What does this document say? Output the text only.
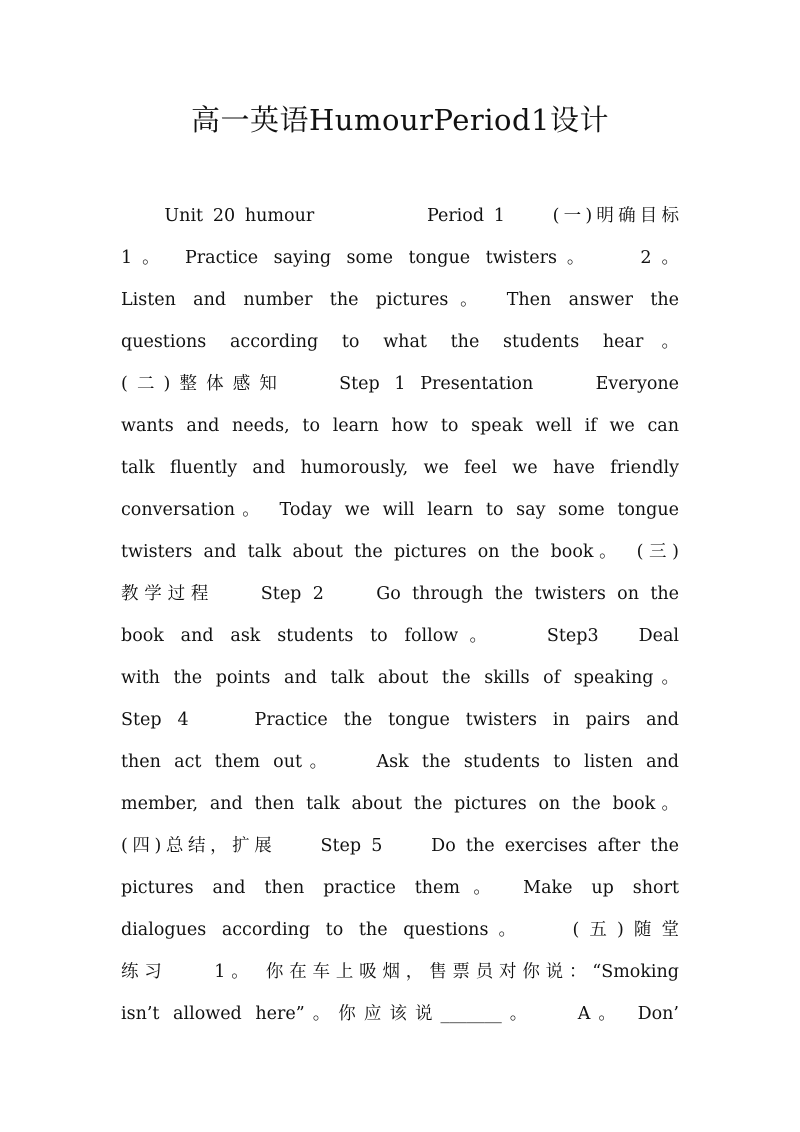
高一英语HumourPeriod1设计
　　Unit 20 humour　　　　　Period 1　　(一)明确目标
1。 Practice saying some tongue twisters。　　2。
Listen and number the pictures。 Then answer the
questions according to what the students hear。
(二)整体感知　　Step 1 Presentation　　Everyone
wants and needs, to learn how to speak well if we can
talk fluently and humorously, we feel we have friendly
conversation。 Today we will learn to say some tongue
twisters and talk about the pictures on the book。　(三)
教学过程　　Step 2　　Go through the twisters on the
book and ask students to follow。　　Step3　Deal
with the points and talk about the skills of speaking。
Step 4　　Practice the tongue twisters in pairs and
then act them out。　　Ask the students to listen and
member, and then talk about the pictures on the book。
(四)总结，扩展　　Step 5　　Do the exercises after the
pictures and then practice them。 Make up short
dialogues according to the questions。　　(五)随堂
练习　　1。 你在车上吸烟，售票员对你说：“Smoking
isn’t allowed here”。你应该说_______。　　A。 Don’
